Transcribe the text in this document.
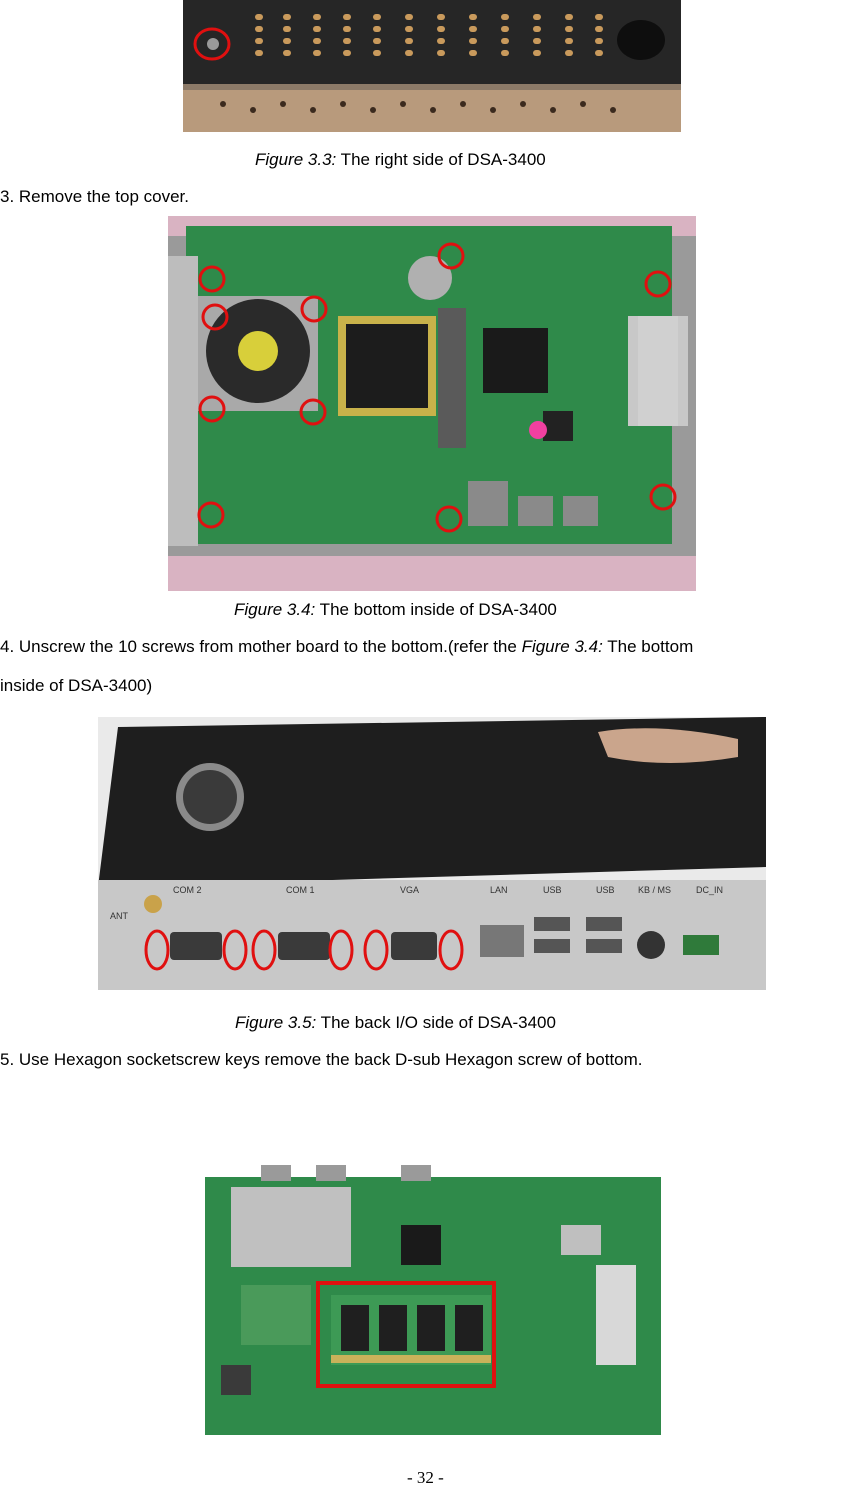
Figure 3.3: The right side of DSA-3400
3. Remove the top cover.
Figure 3.4: The bottom inside of DSA-3400
4. Unscrew the 10 screws from mother board to the bottom.(refer the Figure 3.4: The bottom
inside of DSA-3400)
COM 2	COM 1	VGA	LAN	USB	USB	KB / MS	DC_IN
ANT
Figure 3.5: The back I/O side of DSA-3400
5. Use Hexagon socketscrew keys remove the back D-sub Hexagon screw of bottom.
- 32 -
